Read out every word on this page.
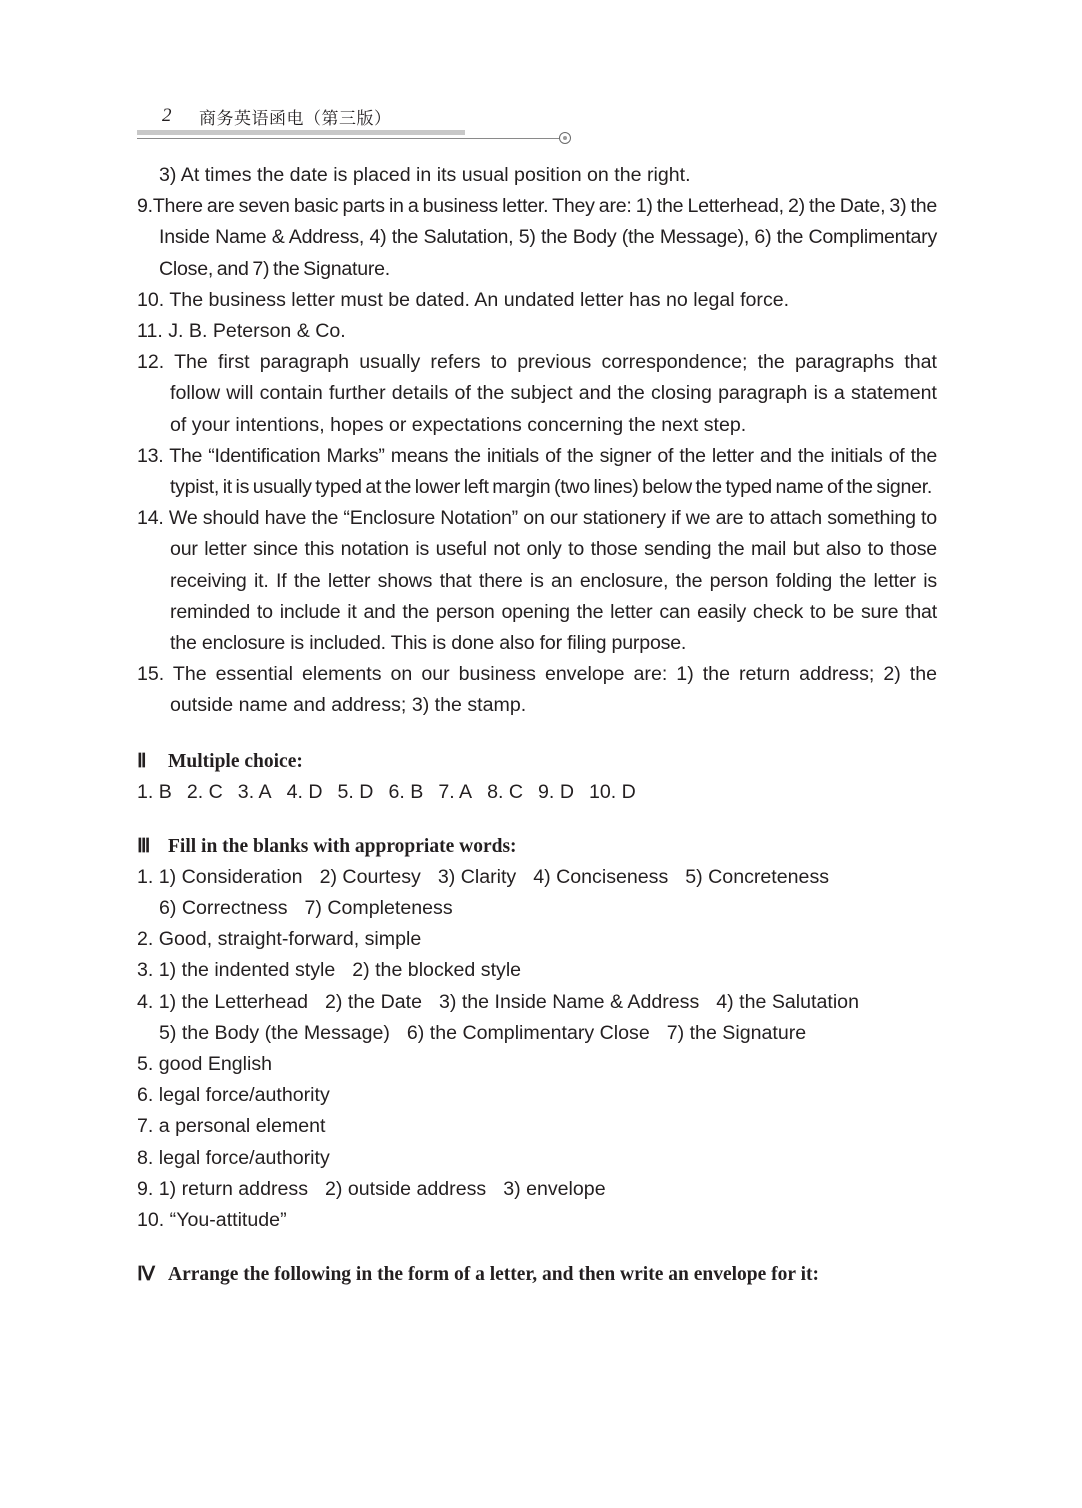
2 商务英语函电（第三版）

3) At times the date is placed in its usual position on the right.

9.There are seven basic parts in a business letter. They are: 1) the Letterhead, 2) the Date, 3) the Inside Name & Address, 4) the Salutation, 5) the Body (the Message), 6) the Complimentary Close, and 7) the Signature.

10. The business letter must be dated. An undated letter has no legal force.

11. J. B. Peterson & Co.

12. The first paragraph usually refers to previous correspondence; the paragraphs that follow will contain further details of the subject and the closing paragraph is a statement of your intentions, hopes or expectations concerning the next step.

13. The “Identification Marks” means the initials of the signer of the letter and the initials of the typist, it is usually typed at the lower left margin (two lines) below the typed name of the signer.

14. We should have the “Enclosure Notation” on our stationery if we are to attach something to our letter since this notation is useful not only to those sending the mail but also to those receiving it. If the letter shows that there is an enclosure, the person folding the letter is reminded to include it and the person opening the letter can easily check to be sure that the enclosure is included. This is done also for filing purpose.

15. The essential elements on our business envelope are: 1) the return address; 2) the outside name and address; 3) the stamp.

Ⅱ Multiple choice:

1. B 2. C 3. A 4. D 5. D 6. B 7. A 8. C 9. D 10. D

Ⅲ Fill in the blanks with appropriate words:

1. 1) Consideration 2) Courtesy 3) Clarity 4) Conciseness 5) Concreteness
6) Correctness 7) Completeness
2. Good, straight-forward, simple
3. 1) the indented style 2) the blocked style
4. 1) the Letterhead 2) the Date 3) the Inside Name & Address 4) the Salutation
5) the Body (the Message) 6) the Complimentary Close 7) the Signature
5. good English
6. legal force/authority
7. a personal element
8. legal force/authority
9. 1) return address 2) outside address 3) envelope
10. “You-attitude”

Ⅳ Arrange the following in the form of a letter, and then write an envelope for it:
